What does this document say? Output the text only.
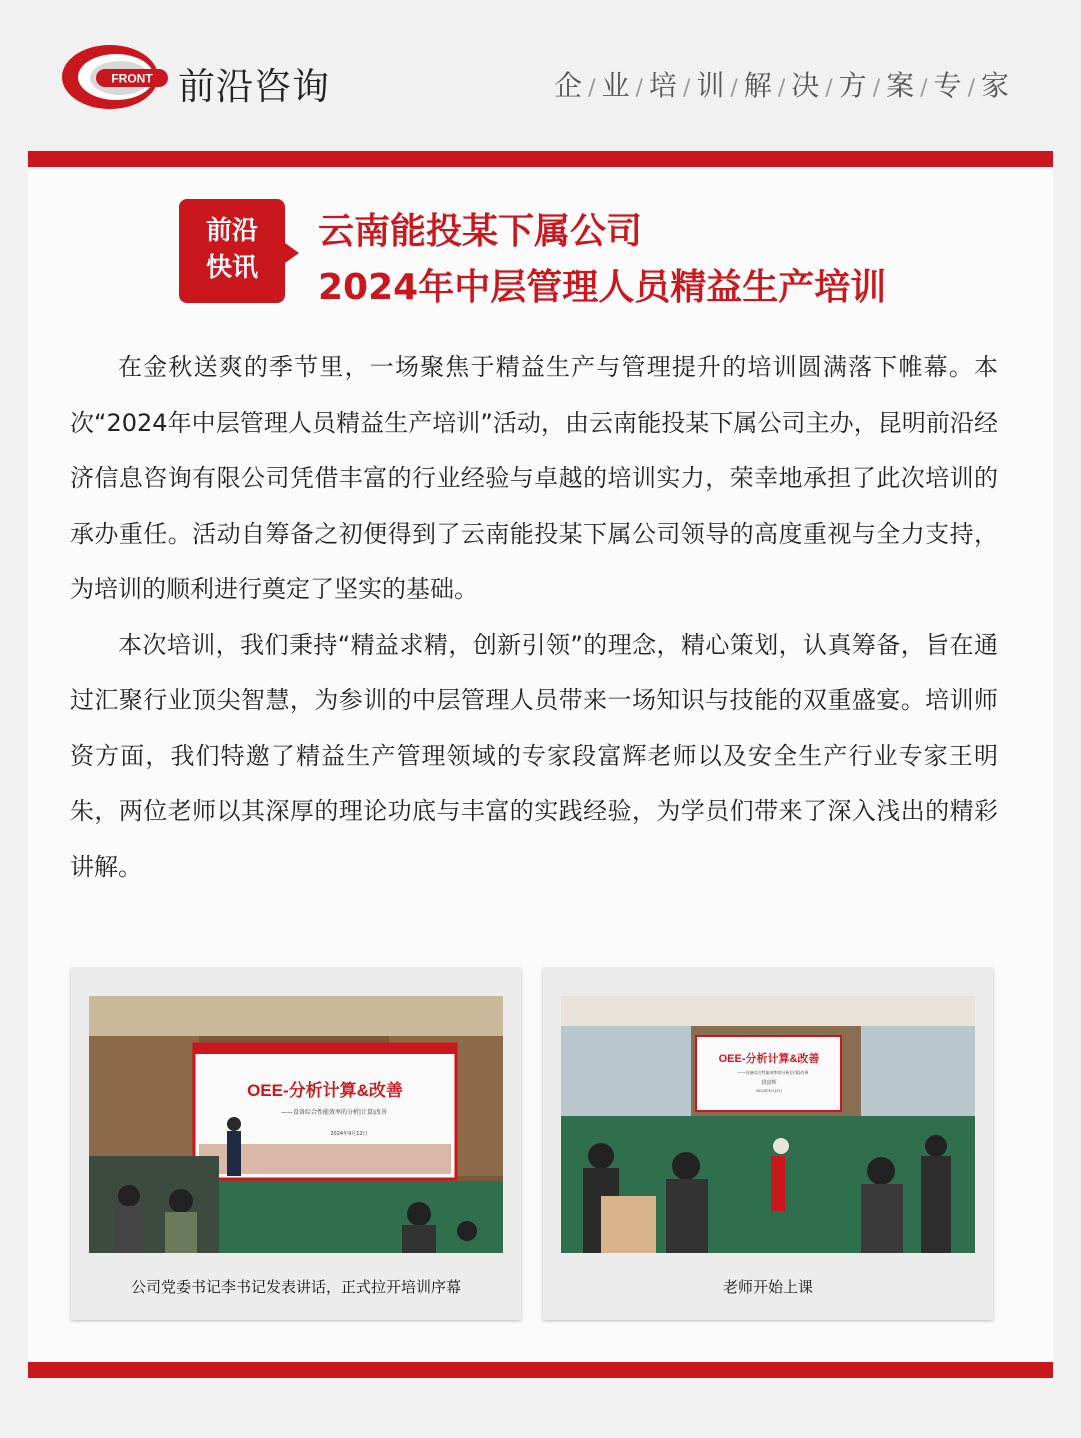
FRONT 前沿咨询	企 / 业 / 培 / 训 / 解 / 决 / 方 / 案 / 专 / 家
前沿
快讯
云南能投某下属公司
2024年中层管理人员精益生产培训

在金秋送爽的季节里，一场聚焦于精益生产与管理提升的培训圆满落下帷幕。本次“2024年中层管理人员精益生产培训”活动，由云南能投某下属公司主办，昆明前沿经济信息咨询有限公司凭借丰富的行业经验与卓越的培训实力，荣幸地承担了此次培训的承办重任。活动自筹备之初便得到了云南能投某下属公司领导的高度重视与全力支持，为培训的顺利进行奠定了坚实的基础。

本次培训，我们秉持“精益求精，创新引领”的理念，精心策划，认真筹备，旨在通过汇聚行业顶尖智慧，为参训的中层管理人员带来一场知识与技能的双重盛宴。培训师资方面，我们特邀了精益生产管理领域的专家段富辉老师以及安全生产行业专家王明朱，两位老师以其深厚的理论功底与丰富的实践经验，为学员们带来了深入浅出的精彩讲解。

OEE-分析计算&改善
——设备综合性能效率的分析|计算|改善
2024年9月12日
公司党委书记李书记发表讲话，正式拉开培训序幕
OEE-分析计算&改善
——设备综合性能效率的分析|计算|改善
段富辉
2024年9月12日
老师开始上课
